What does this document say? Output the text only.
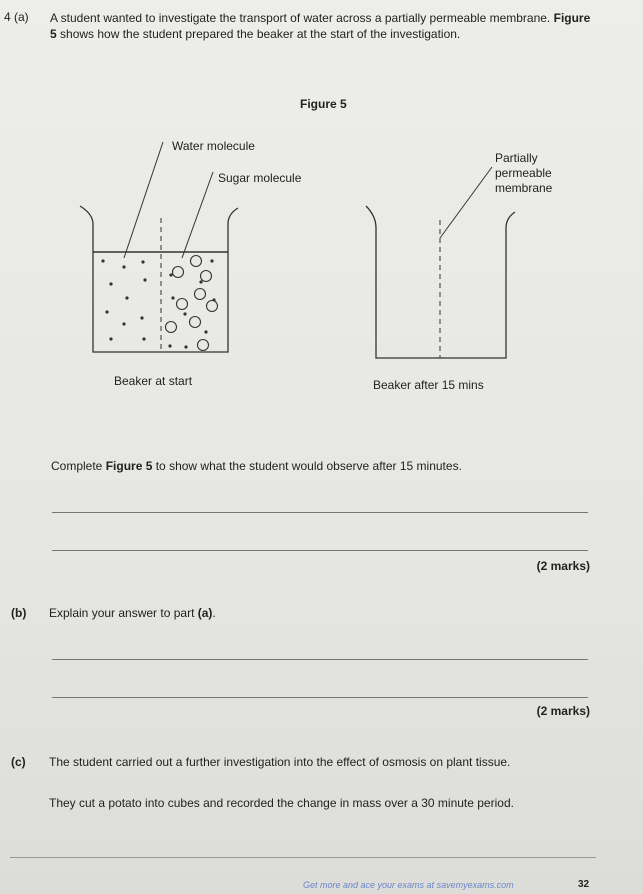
4 (a) A student wanted to investigate the transport of water across a partially permeable membrane. Figure 5 shows how the student prepared the beaker at the start of the investigation.
Figure 5
Water molecule
Sugar molecule
Partially
permeable
membrane
Beaker at start	Beaker after 15 mins
Complete Figure 5 to show what the student would observe after 15 minutes.
(2 marks)
(b) Explain your answer to part (a).
(2 marks)
(c) The student carried out a further investigation into the effect of osmosis on plant tissue.
They cut a potato into cubes and recorded the change in mass over a 30 minute period.
Get more and ace your exams at savemyexams.com	32
